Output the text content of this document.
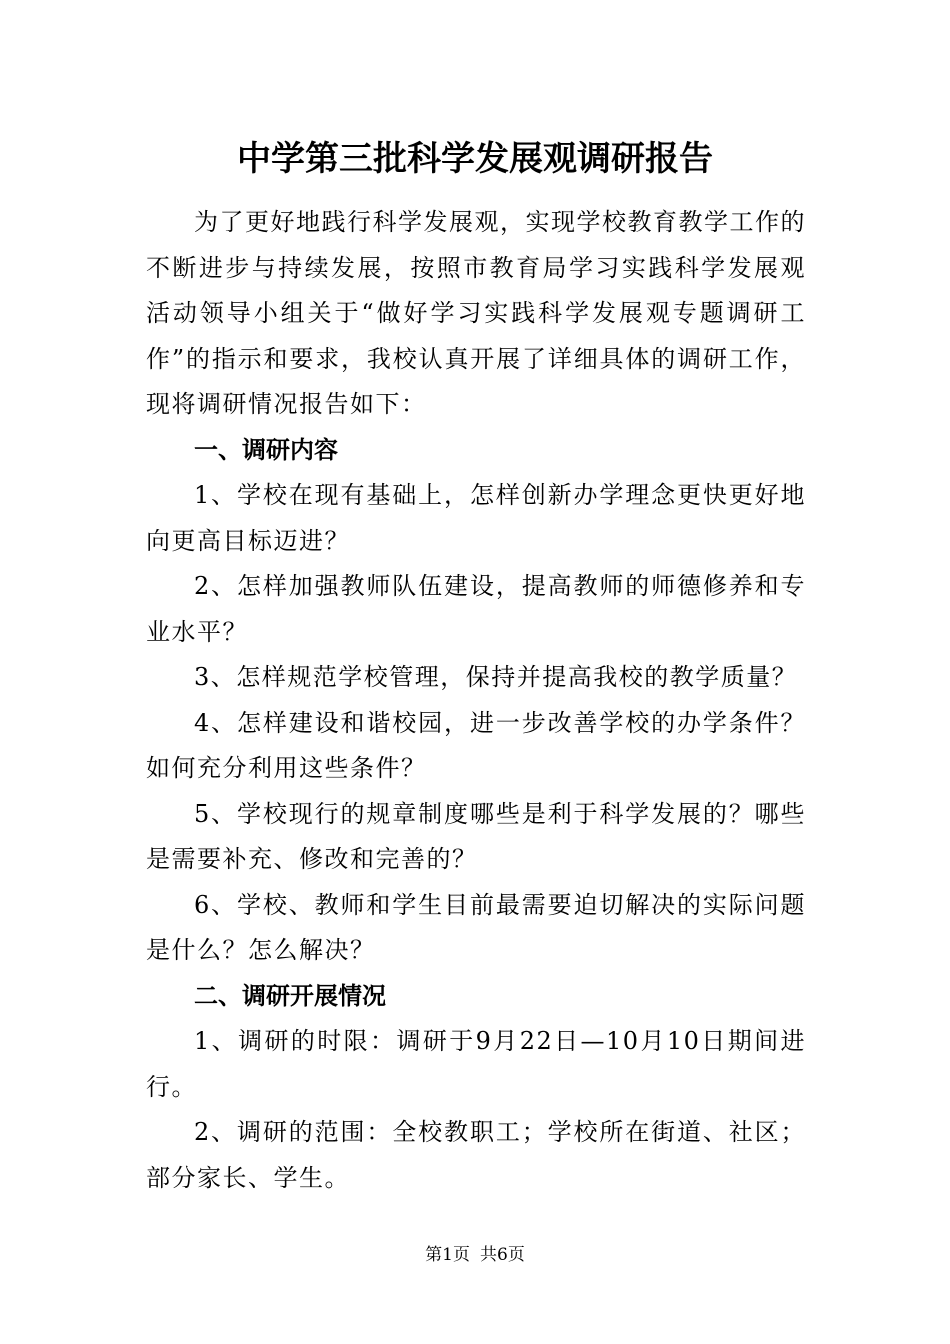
中学第三批科学发展观调研报告

为了更好地践行科学发展观，实现学校教育教学工作的不断进步与持续发展，按照市教育局学习实践科学发展观活动领导小组关于“做好学习实践科学发展观专题调研工作”的指示和要求，我校认真开展了详细具体的调研工作，现将调研情况报告如下：

一、调研内容

1、学校在现有基础上，怎样创新办学理念更快更好地向更高目标迈进？

2、怎样加强教师队伍建设，提高教师的师德修养和专业水平？

3、怎样规范学校管理，保持并提高我校的教学质量？

4、怎样建设和谐校园，进一步改善学校的办学条件？如何充分利用这些条件？

5、学校现行的规章制度哪些是利于科学发展的？哪些是需要补充、修改和完善的？

6、学校、教师和学生目前最需要迫切解决的实际问题是什么？怎么解决？

二、调研开展情况

1、调研的时限：调研于9月22日—10月10日期间进行。

2、调研的范围：全校教职工；学校所在街道、社区；部分家长、学生。

第1页 共6页
